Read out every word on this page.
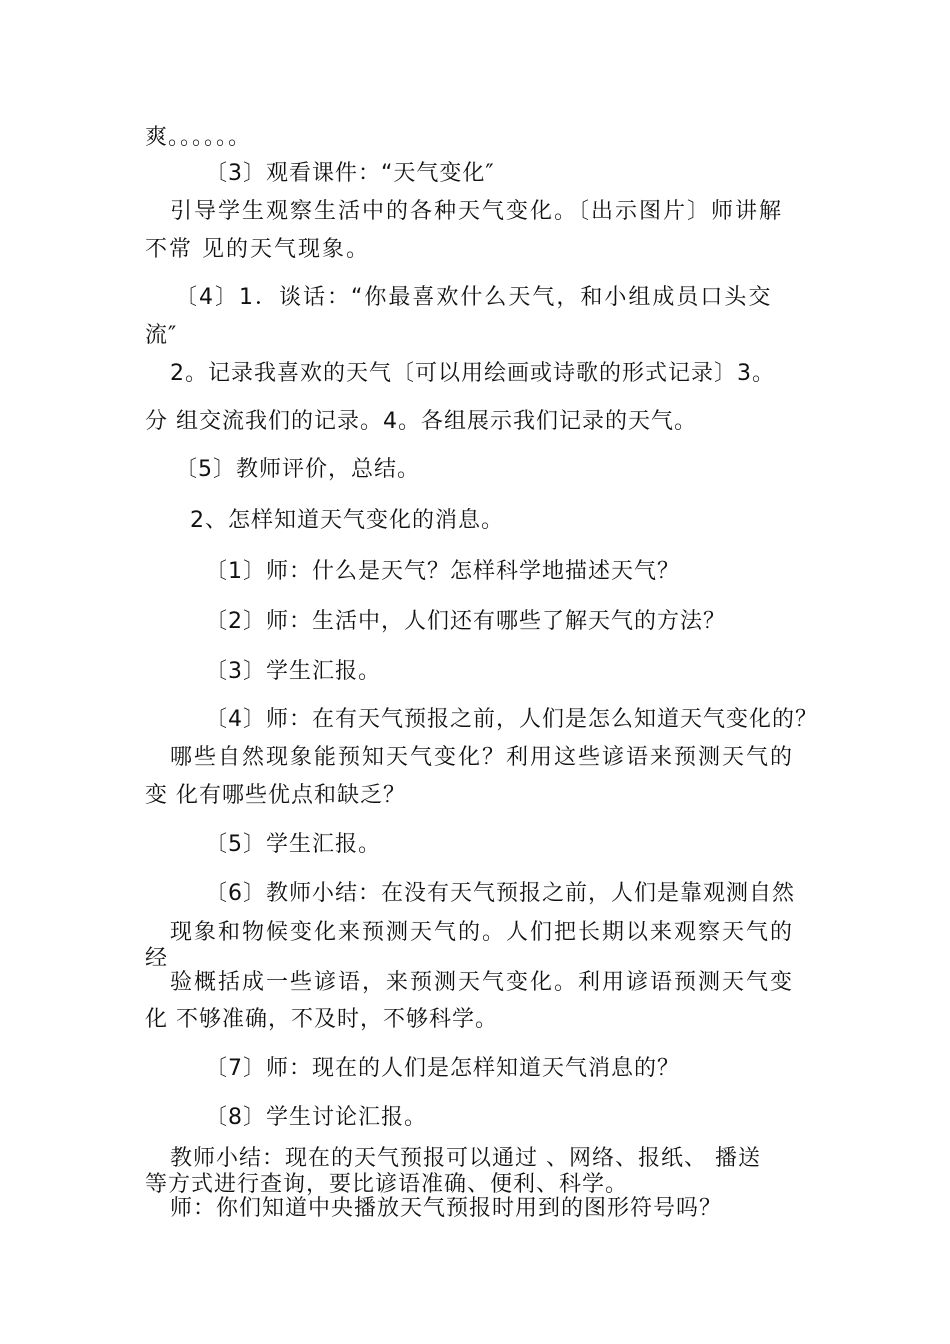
爽。。。。。。
〔3〕观看课件：“天气变化″
引导学生观察生活中的各种天气变化。〔出示图片〕师讲解
不常 见的天气现象。
〔4〕1．谈话：“你最喜欢什么天气，和小组成员口头交
流″
2。记录我喜欢的天气〔可以用绘画或诗歌的形式记录〕3。
分 组交流我们的记录。4。各组展示我们记录的天气。
〔5〕教师评价，总结。
2、怎样知道天气变化的消息。
〔1〕师：什么是天气？怎样科学地描述天气？
〔2〕师：生活中，人们还有哪些了解天气的方法？
〔3〕学生汇报。
〔4〕师：在有天气预报之前，人们是怎么知道天气变化的？
哪些自然现象能预知天气变化？利用这些谚语来预测天气的
变 化有哪些优点和缺乏？
〔5〕学生汇报。
〔6〕教师小结：在没有天气预报之前，人们是靠观测自然
现象和物候变化来预测天气的。人们把长期以来观察天气的
经
验概括成一些谚语，来预测天气变化。利用谚语预测天气变
化 不够准确，不及时，不够科学。
〔7〕师：现在的人们是怎样知道天气消息的？
〔8〕学生讨论汇报。
教师小结：现在的天气预报可以通过 、网络、报纸、 播送
等方式进行查询，要比谚语准确、便利、科学。
师：你们知道中央播放天气预报时用到的图形符号吗？
